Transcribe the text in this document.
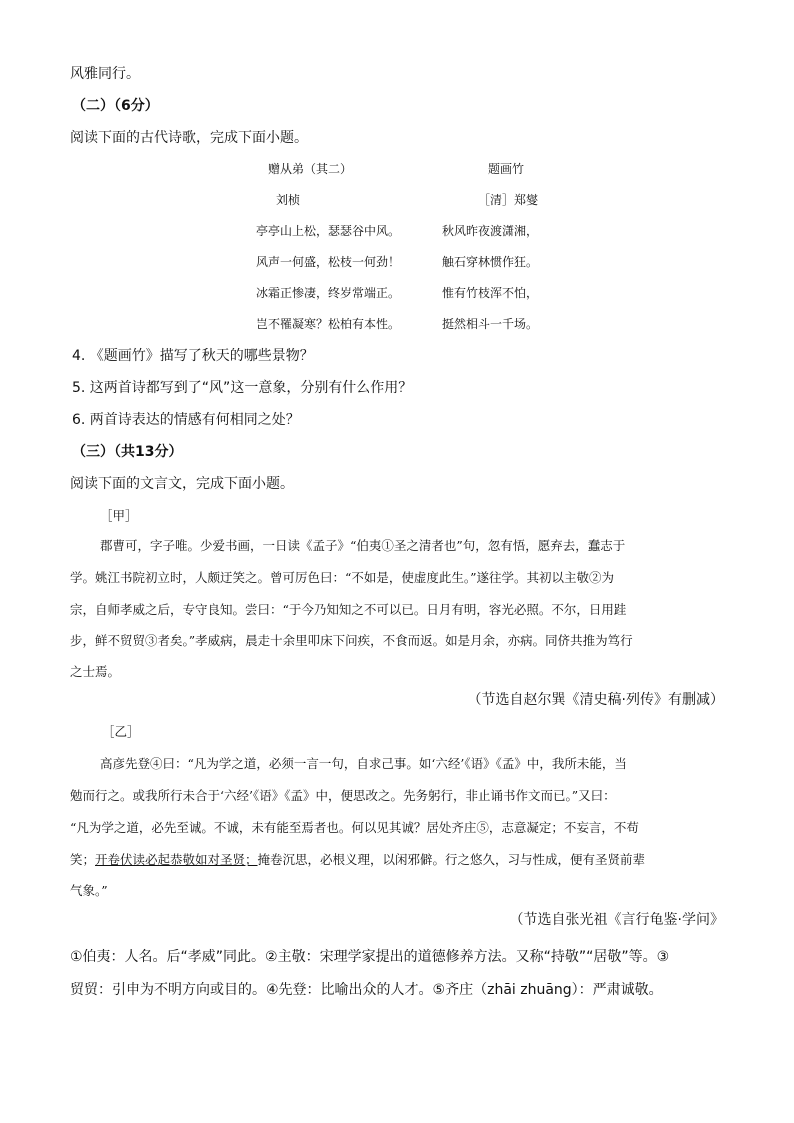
风雅同行。
（二）（6分）
阅读下面的古代诗歌，完成下面小题。
赠从弟（其二）
刘桢
亭亭山上松，瑟瑟谷中风。
风声一何盛，松枝一何劲！
冰霜正惨凄，终岁常端正。
岂不罹凝寒？松柏有本性。
题画竹
［清］郑燮
秋风昨夜渡潇湘，
触石穿林惯作狂。
惟有竹枝浑不怕，
挺然相斗一千场。
4. 《题画竹》描写了秋天的哪些景物？
5. 这两首诗都写到了“风”这一意象，分别有什么作用？
6. 两首诗表达的情感有何相同之处？
（三）（共13分）
阅读下面的文言文，完成下面小题。
［甲］
郡曹可，字子唯。少爱书画，一日读《孟子》“伯夷①圣之清者也”句，忽有悟，愿弃去，蠢志于
学。姚江书院初立时，人颇迂笑之。曾可厉色曰：“不如是，使虚度此生。”遂往学。其初以主敬②为
宗，自师孝威之后，专守良知。尝曰：“于今乃知知之不可以已。日月有明，容光必照。不尔，日用跬
步，鲜不贸贸③者矣。”孝威病，晨走十余里叩床下问疾，不食而返。如是月余，亦病。同侪共推为笃行
之士焉。
（节选自赵尔巽《清史稿·列传》有删减）
［乙］
高彦先登④曰：“凡为学之道，必须一言一句，自求己事。如‘六经’《语》《孟》中，我所未能，当
勉而行之。或我所行未合于‘六经’《语》《孟》中，便思改之。先务躬行，非止诵书作文而已。”又曰：
“凡为学之道，必先至诚。不诚，未有能至焉者也。何以见其诚？居处齐庄⑤，志意凝定；不妄言，不苟
笑；开卷伏读必起恭敬如对圣贤；掩卷沉思，必根义理，以闲邪僻。行之悠久，习与性成，便有圣贤前辈
气象。”
（节选自张光祖《言行龟鉴·学问》
①伯夷：人名。后“孝威”同此。②主敬：宋理学家提出的道德修养方法。又称“持敬”“居敬”等。③
贸贸：引申为不明方向或目的。④先登：比喻出众的人才。⑤齐庄（zhāi zhuāng）：严肃诚敬。
